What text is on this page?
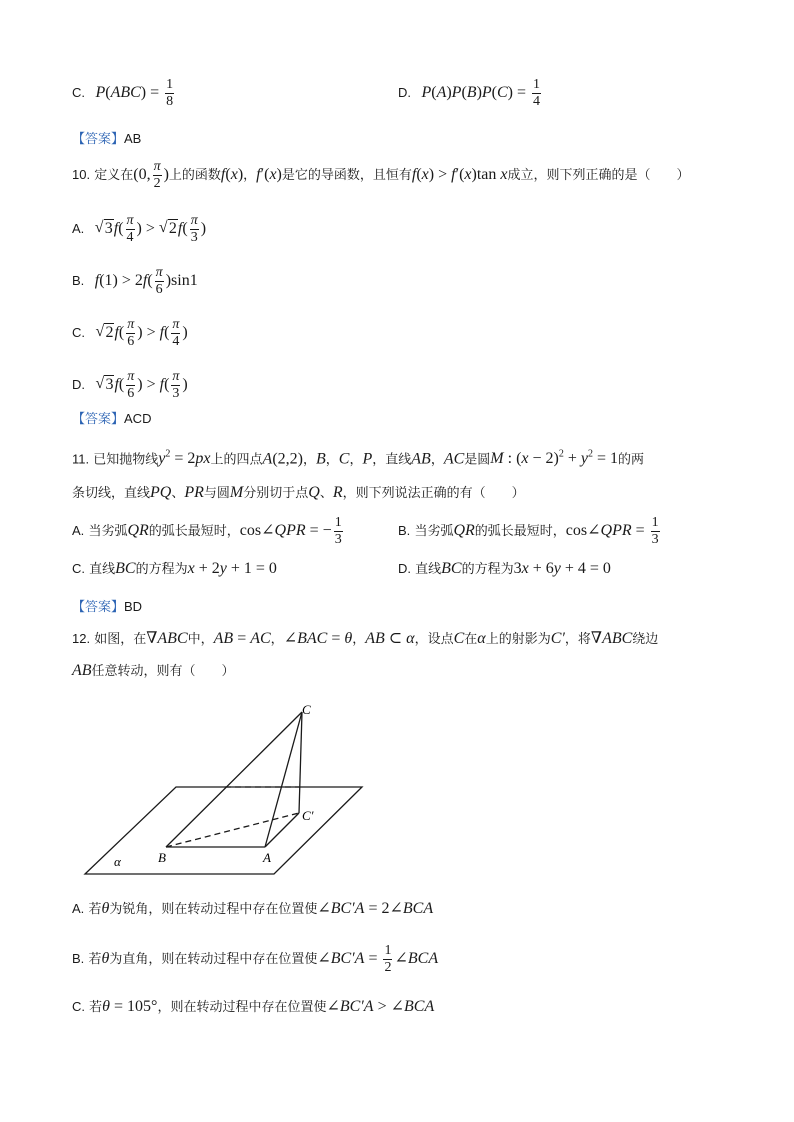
C. $P(ABC) = \frac{1}{8}$	D. $P(A)P(B)P(C) = \frac{1}{4}$
【答案】AB
10. 定义在(0, $\frac{\pi}{2}$ )上的函数f(x)，f′(x)是它的导函数，且恒有f(x) > f′(x)tan x成立，则下列正确的是（　　）
A. √ $3f( \frac{\pi}{4}$ ) > √ $2f( \frac{\pi}{3}$ )
B. $f(1) > 2f( \frac{\pi}{6} )\sin 1$
C. √ $2f( \frac{\pi}{6}$ ) > $f( \frac{\pi}{4}$ )
D. √ $3f( \frac{\pi}{6}$ ) > $f( \frac{\pi}{3}$ )
【答案】ACD
11. 已知抛物线$y^2 = 2px$上的四点A(2,2)，B，C，P，直线AB，AC是圆M : $(x - 2)^2 + y^2 = 1$的两
条切线，直线PQ、PR与圆M分别切于点Q、R，则下列说法正确的有（　　）
A. 当劣弧QR的弧长最短时，cos∠QPR = − $\frac{1}{3}$	B. 当劣弧QR的弧长最短时，cos∠QPR = $\frac{1}{3}$
C. 直线BC的方程为x + 2y + 1 = 0	D. 直线BC的方程为3x + 6y + 4 = 0
【答案】BD
12. 如图，在∇ABC中，AB = AC，∠BAC = θ，AB ⊂ α，设点C在α上的射影为C′，将∇ABC绕边
AB任意转动，则有（　　）
C
C′
A
B
α
A. 若θ为锐角，则在转动过程中存在位置使∠BC′A = 2∠BCA
B. 若θ为直角，则在转动过程中存在位置使∠BC′A = $\frac{1}{2}$ ∠BCA
C. 若θ = 105°，则在转动过程中存在位置使∠BC′A > ∠BCA
